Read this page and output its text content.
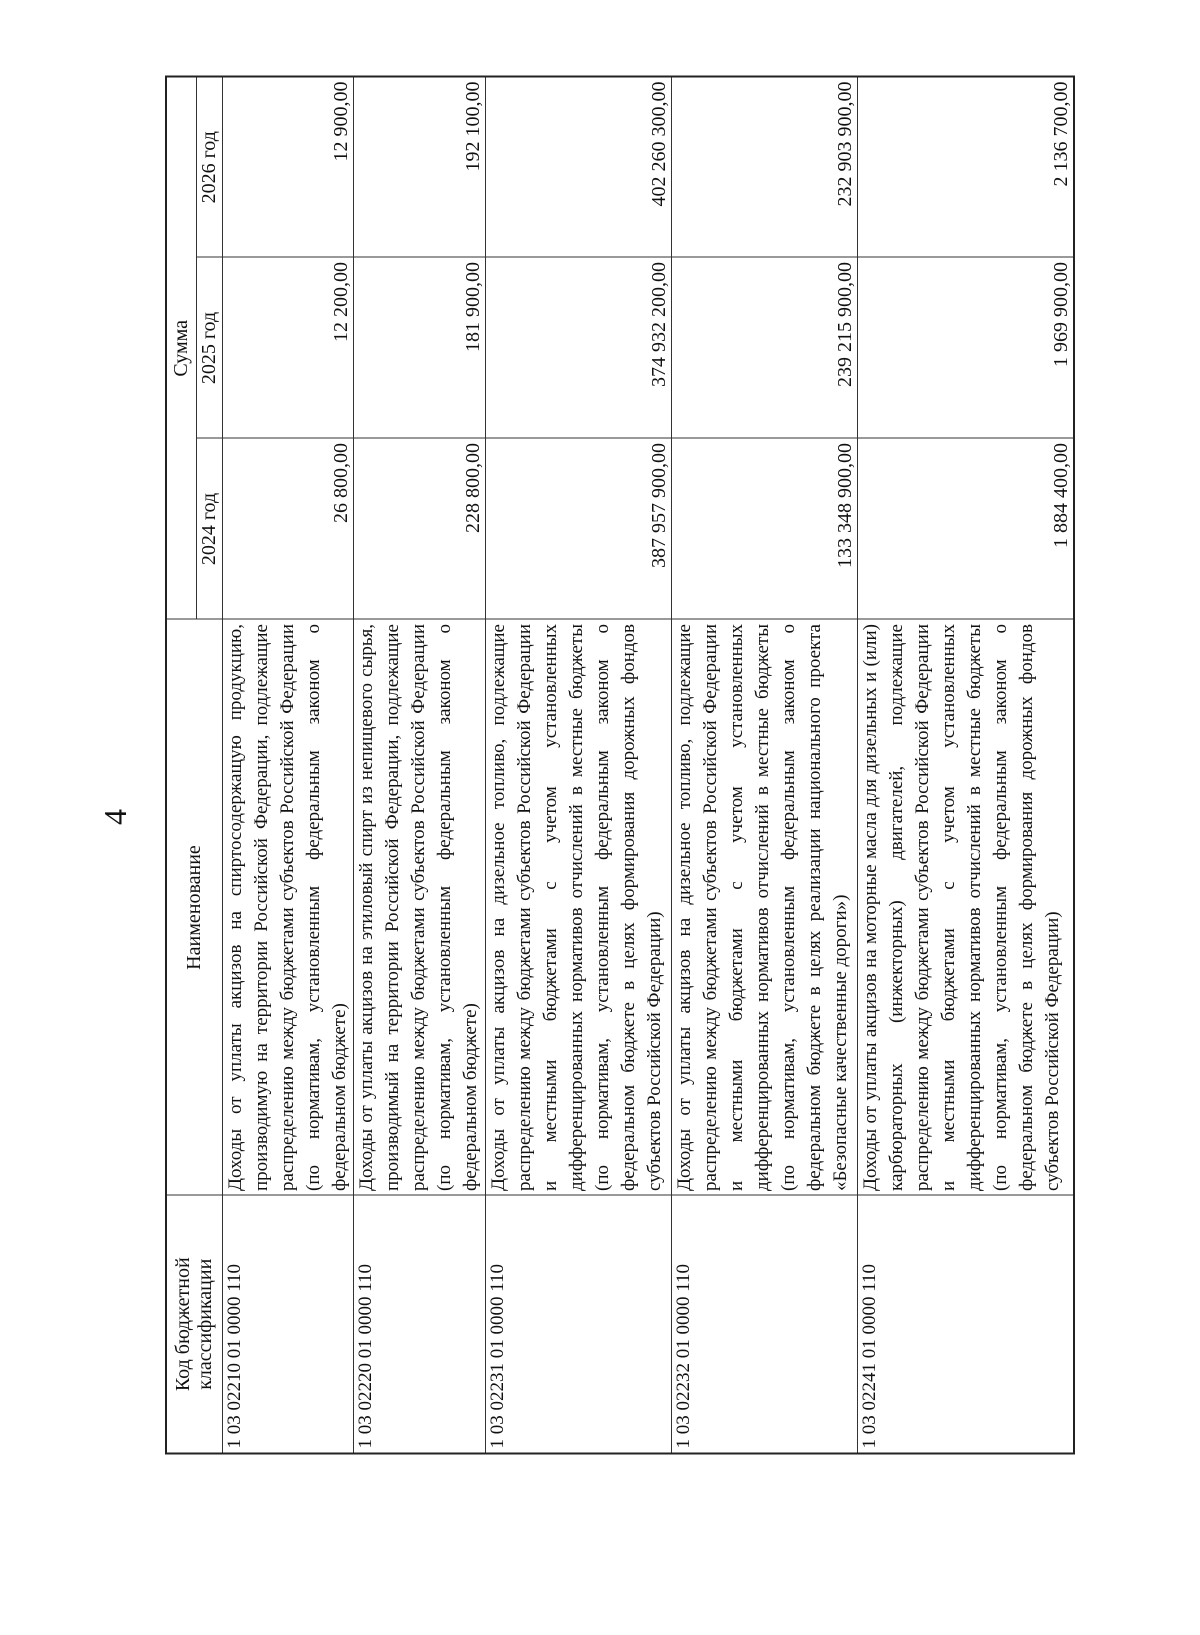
4
Код бюджетной классификации	Наименование	Сумма		
		2024 год	2025 год	2026 год
1 03 02210 01 0000 110	Доходы от уплаты акцизов на спиртосодержащую продукцию, производимую на территории Российской Федерации, подлежащие распределению между бюджетами субъектов Российской Федерации (по нормативам, установленным федеральным законом о федеральном бюджете)	26 800,00	12 200,00	12 900,00
1 03 02220 01 0000 110	Доходы от уплаты акцизов на этиловый спирт из непищевого сырья, производимый на территории Российской Федерации, подлежащие распределению между бюджетами субъектов Российской Федерации (по нормативам, установленным федеральным законом о федеральном бюджете)	228 800,00	181 900,00	192 100,00
1 03 02231 01 0000 110	Доходы от уплаты акцизов на дизельное топливо, подлежащие распределению между бюджетами субъектов Российской Федерации и местными бюджетами с учетом установленных дифференцированных нормативов отчислений в местные бюджеты (по нормативам, установленным федеральным законом о федеральном бюджете в целях формирования дорожных фондов субъектов Российской Федерации)	387 957 900,00	374 932 200,00	402 260 300,00
1 03 02232 01 0000 110	Доходы от уплаты акцизов на дизельное топливо, подлежащие распределению между бюджетами субъектов Российской Федерации и местными бюджетами с учетом установленных дифференцированных нормативов отчислений в местные бюджеты (по нормативам, установленным федеральным законом о федеральном бюджете в целях реализации национального проекта «Безопасные качественные дороги»)	133 348 900,00	239 215 900,00	232 903 900,00
1 03 02241 01 0000 110	Доходы от уплаты акцизов на моторные масла для дизельных и (или) карбюраторных (инжекторных) двигателей, подлежащие распределению между бюджетами субъектов Российской Федерации и местными бюджетами с учетом установленных дифференцированных нормативов отчислений в местные бюджеты (по нормативам, установленным федеральным законом о федеральном бюджете в целях формирования дорожных фондов субъектов Российской Федерации)	1 884 400,00	1 969 900,00	2 136 700,00
